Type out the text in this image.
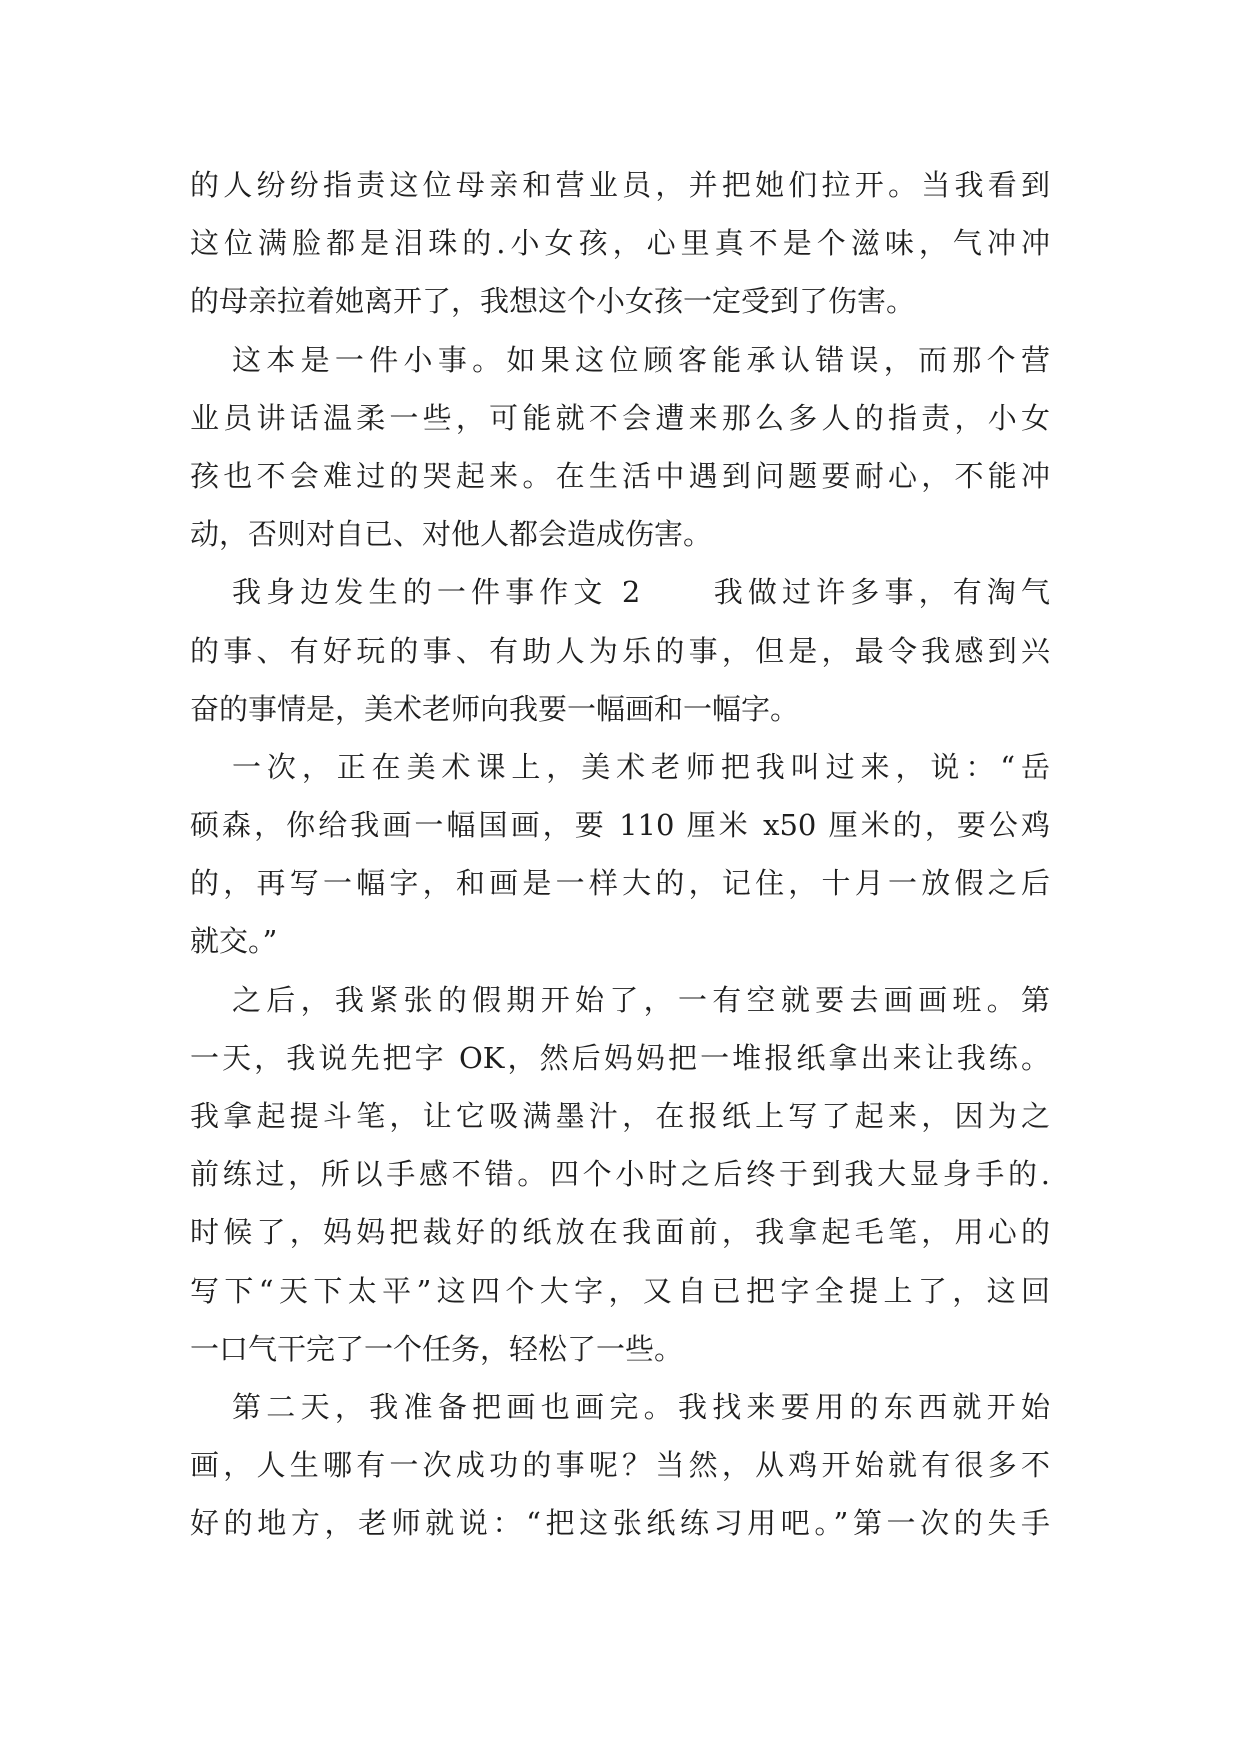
的人纷纷指责这位母亲和营业员，并把她们拉开。当我看到
这位满脸都是泪珠的.小女孩，心里真不是个滋味，气冲冲
的母亲拉着她离开了，我想这个小女孩一定受到了伤害。
这本是一件小事。如果这位顾客能承认错误，而那个营
业员讲话温柔一些，可能就不会遭来那么多人的指责，小女
孩也不会难过的哭起来。在生活中遇到问题要耐心，不能冲
动，否则对自已、对他人都会造成伤害。
我身边发生的一件事作文 2　　我做过许多事，有淘气
的事、有好玩的事、有助人为乐的事，但是，最令我感到兴
奋的事情是，美术老师向我要一幅画和一幅字。
一次，正在美术课上，美术老师把我叫过来，说：“岳
硕森，你给我画一幅国画，要 110 厘米 x50 厘米的，要公鸡
的，再写一幅字，和画是一样大的，记住，十月一放假之后
就交。”
之后，我紧张的假期开始了，一有空就要去画画班。第
一天，我说先把字 OK，然后妈妈把一堆报纸拿出来让我练。
我拿起提斗笔，让它吸满墨汁，在报纸上写了起来，因为之
前练过，所以手感不错。四个小时之后终于到我大显身手的.
时候了，妈妈把裁好的纸放在我面前，我拿起毛笔，用心的
写下“天下太平”这四个大字，又自已把字全提上了，这回
一口气干完了一个任务，轻松了一些。
第二天，我准备把画也画完。我找来要用的东西就开始
画，人生哪有一次成功的事呢？当然，从鸡开始就有很多不
好的地方，老师就说：“把这张纸练习用吧。”第一次的失手
